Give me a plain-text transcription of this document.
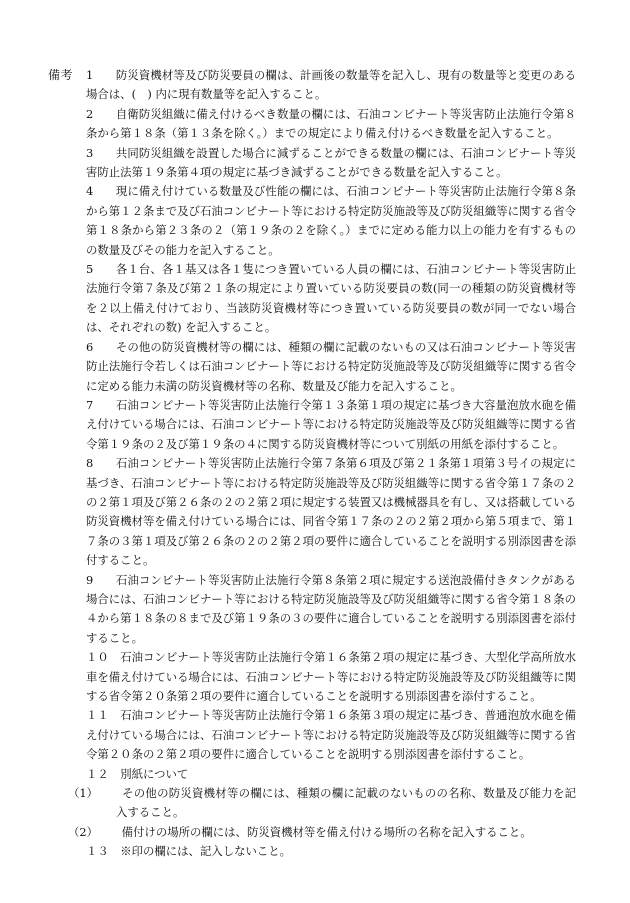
備考 1　 防災資機材等及び防災要員の欄は、計画後の数量等を記入し、現有の数量等と変更のある場合は、(　) 内に現有数量等を記入すること。

2　 自衛防災組織に備え付けるべき数量の欄には、石油コンビナート等災害防止法施行令第８条から第１８条（第１３条を除く。）までの規定により備え付けるべき数量を記入すること。

3　 共同防災組織を設置した場合に減ずることができる数量の欄には、石油コンビナート等災害防止法第１９条第４項の規定に基づき減ずることができる数量を記入すること。

4　 現に備え付けている数量及び性能の欄には、石油コンビナート等災害防止法施行令第８条から第１２条まで及び石油コンビナート等における特定防災施設等及び防災組織等に関する省令第１８条から第２３条の２（第１９条の２を除く。）までに定める能力以上の能力を有するものの数量及びその能力を記入すること。

5　 各１台、各１基又は各１隻につき置いている人員の欄には、石油コンビナート等災害防止法施行令第７条及び第２１条の規定により置いている防災要員の数(同一の種類の防災資機材等を２以上備え付けており、当該防災資機材等につき置いている防災要員の数が同一でない場合は、それぞれの数) を記入すること。

6　 その他の防災資機材等の欄には、種類の欄に記載のないもの又は石油コンビナート等災害防止法施行令若しくは石油コンビナート等における特定防災施設等及び防災組織等に関する省令に定める能力未満の防災資機材等の名称、数量及び能力を記入すること。

7　 石油コンビナート等災害防止法施行令第１３条第１項の規定に基づき大容量泡放水砲を備え付けている場合には、石油コンビナート等における特定防災施設等及び防災組織等に関する省令第１９条の２及び第１９条の４に関する防災資機材等について別紙の用紙を添付すること。

8　 石油コンビナート等災害防止法施行令第７条第６項及び第２１条第１項第３号イの規定に基づき、石油コンビナート等における特定防災施設等及び防災組織等に関する省令第１７条の２の２第１項及び第２６条の２の２第２項に規定する装置又は機械器具を有し、又は搭載している防災資機材等を備え付けている場合には、同省令第１７条の２の２第２項から第５項まで、第１７条の３第１項及び第２６条の２の２第２項の要件に適合していることを説明する別添図書を添付すること。

9　 石油コンビナート等災害防止法施行令第８条第２項に規定する送泡設備付きタンクがある場合には、石油コンビナート等における特定防災施設等及び防災組織等に関する省令第１８条の４から第１８条の８まで及び第１９条の３の要件に適合していることを説明する別添図書を添付すること。

１０　 石油コンビナート等災害防止法施行令第１６条第２項の規定に基づき、大型化学高所放水車を備え付けている場合には、石油コンビナート等における特定防災施設等及び防災組織等に関する省令第２０条第２項の要件に適合していることを説明する別添図書を添付すること。

１１　 石油コンビナート等災害防止法施行令第１６条第３項の規定に基づき、普通泡放水砲を備え付けている場合には、石油コンビナート等における特定防災施設等及び防災組織等に関する省令第２０条の２第２項の要件に適合していることを説明する別添図書を添付すること。

１２　 別紙について

（1）　 その他の防災資機材等の欄には、種類の欄に記載のないものの名称、数量及び能力を記入すること。

（2）　 備付けの場所の欄には、防災資機材等を備え付ける場所の名称を記入すること。

１３　 ※印の欄には、記入しないこと。
